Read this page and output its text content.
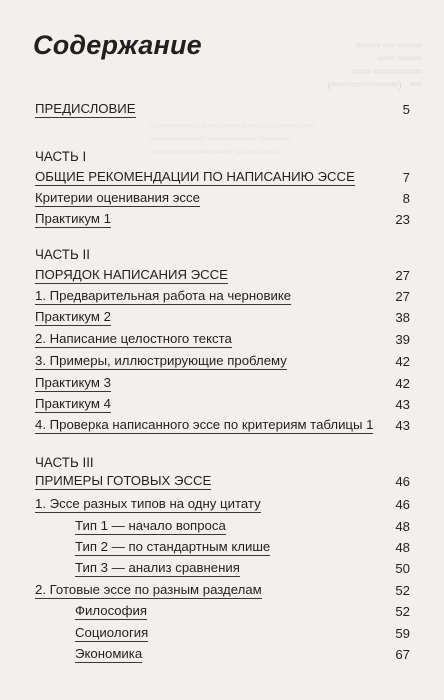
≈≈≈≈ ≈≈ ≈≈≈≈
≈≈≈ ≈≈≈≈
≈≈≈ ≈≈≈≈≈≈≈≈
(≈≈≈≈≈≈≈≈≈≈≈)   ≈≈
≈≈≈≈≈≈≈≈≈ ≈≈≈≈≈≈≈≈ ≈≈≈≈≈≈≈≈≈≈≈≈
≈≈≈≈≈≈≈≈≈≈ ≈≈≈≈≈≈≈≈≈ ≈≈≈≈≈≈
≈≈≈≈≈≈≈≈≈≈≈≈≈≈≈ ≈≈≈≈≈≈≈≈
Содержание
ПРЕДИСЛОВИЕ	5
ЧАСТЬ I
ОБЩИЕ РЕКОМЕНДАЦИИ ПО НАПИСАНИЮ ЭССЕ	7
Критерии оценивания эссе	8
Практикум 1	23
ЧАСТЬ II
ПОРЯДОК НАПИСАНИЯ ЭССЕ	27
1. Предварительная работа на черновике	27
Практикум 2	38
2. Написание целостного текста	39
3. Примеры, иллюстрирующие проблему	42
Практикум 3	42
Практикум 4	43
4. Проверка написанного эссе по критериям таблицы 1	43
ЧАСТЬ III
ПРИМЕРЫ ГОТОВЫХ ЭССЕ	46
1. Эссе разных типов на одну цитату	46
Тип 1 — начало вопроса	48
Тип 2 — по стандартным клише	48
Тип 3 — анализ сравнения	50
2. Готовые эссе по разным разделам	52
Философия	52
Социология	59
Экономика	67
